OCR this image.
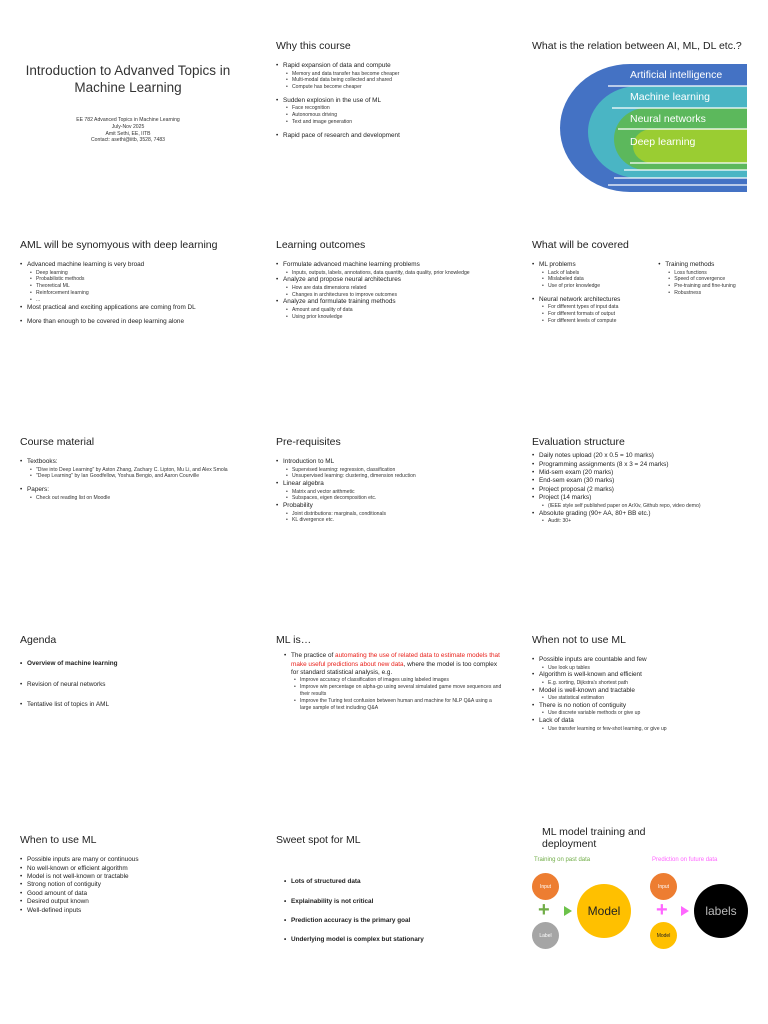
Introduction to Advanved Topics in Machine Learning
EE 782 Advanced Topics in Machine Learning
July-Nov 2025
Amit Sethi, EE, IITB
Contact: asethi@iitb, 3528, 7483
Why this course
• Rapid expansion of data and compute
• Memory and data transfer has become cheaper
• Multi-modal data being collected and shared
• Compute has become cheaper
• Sudden explosion in the use of ML
• Face recognition
• Autonomous driving
• Text and image generation
• Rapid pace of research and development
What is the relation between AI, ML, DL etc.?
Artificial intelligence
Machine learning
Neural networks
Deep learning
AML will be synomyous with deep learning
• Advanced machine learning is very broad
• Deep learning
• Probabilistic methods
• Theoretical ML
• Reinforcement learning
• ...
• Most practical and exciting applications are coming from DL
• More than enough to be covered in deep learning alone
Learning outcomes
• Formulate advanced machine learning problems
• Inputs, outputs, labels, annotations, data quantity, data quality, prior knowledge
• Analyze and propose neural architectures
• How are data dimensions related
• Changes in architectures to improve outcomes
• Analyze and formulate training methods
• Amount and quality of data
• Using prior knowledge
What will be covered
• ML problems
• Lack of labels
• Mislabeled data
• Use of prior knowledge
• Neural network architectures
• For different types of input data
• For different formats of output
• For different levels of compute
• Training methods
• Loss functions
• Speed of convergence
• Pre-training and fine-tuning
• Robustness
Course material
• Textbooks:
• "Dive into Deep Learning" by Aston Zhang, Zachary C. Lipton, Mu Li, and Alex Smola
• "Deep Learning" by Ian Goodfellow, Yoshua Bengio, and Aaron Courville
• Papers:
• Check out reading list on Moodle
Pre-requisites
• Introduction to ML
• Supervised learning: regression, classification
• Unsupervised learning: clustering, dimension reduction
• Linear algebra
• Matrix and vector arithmetic
• Subspaces, eigen decomposition etc.
• Probability
• Joint distributions: marginals, conditionals
• KL divergence etc.
Evaluation structure
• Daily notes upload (20 x 0.5 = 10 marks)
• Programming assignments (8 x 3 = 24 marks)
• Mid-sem exam (20 marks)
• End-sem exam (30 marks)
• Project proposal (2 marks)
• Project (14 marks)
• (IEEE style self published paper on ArXiv, Github repo, video demo)
• Absolute grading (90+ AA, 80+ BB etc.)
• Audit: 30+
Agenda
• Overview of machine learning
• Revision of neural networks
• Tentative list of topics in AML
ML is…
• The practice of automating the use of related data to estimate models that make useful predictions about new data, where the model is too complex for standard statistical analysis, e.g.
• Improve accuracy of classification of images using labeled images
• Improve win percentage on alpha-go using several simulated game move sequences and their results
• Improve the Turing test confusion between human and machine for NLP Q&A using a large sample of text including Q&A
When not to use ML
• Possible inputs are countable and few
• Use look up tables
• Algorithm is well-known and efficient
• E.g. sorting, Dijkstra's shortest path
• Model is well-known and tractable
• Use statistical estimation
• There is no notion of contiguity
• Use discrete variable methods or give up
• Lack of data
• Use transfer learning or few-shot learning, or give up
When to use ML
• Possible inputs are many or continuous
• No well-known or efficient algorithm
• Model is not well-known or tractable
• Strong notion of contiguity
• Good amount of data
• Desired output known
• Well-defined inputs
Sweet spot for ML
• Lots of structured data
• Explainability is not critical
• Prediction accuracy is the primary goal
• Underlying model is complex but stationary
ML model training and deployment
Training on past data	Prediction on future data
Input
+
Label
Model
Input
+
Model
labels
